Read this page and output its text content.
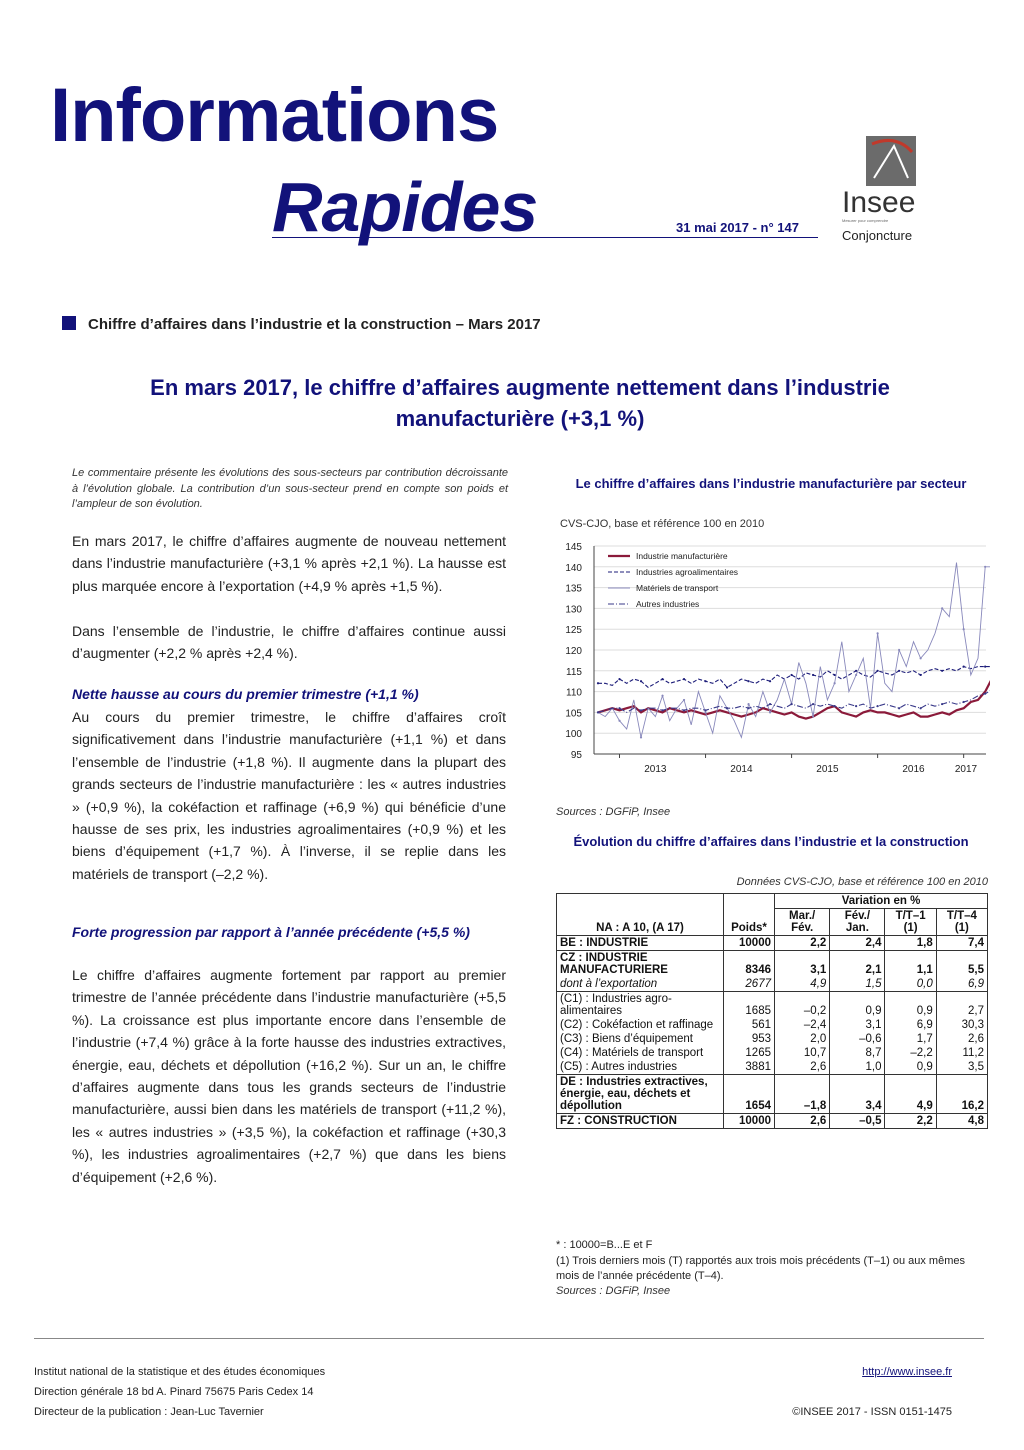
Informations
Rapides	31 mai 2017 - n° 147
Insee
Mesurer pour comprendre
Conjoncture
Chiffre d’affaires dans l’industrie et la construction – Mars 2017
En mars 2017, le chiffre d’affaires augmente nettement dans l’industrie manufacturière (+3,1 %)
Le commentaire présente les évolutions des sous-secteurs par contribution décroissante à l’évolution globale. La contribution d’un sous-secteur prend en compte son poids et l’ampleur de son évolution.

En mars 2017, le chiffre d’affaires augmente de nouveau nettement dans l’industrie manufacturière (+3,1 % après +2,1 %). La hausse est plus marquée encore à l’exportation (+4,9 % après +1,5 %).

Dans l’ensemble de l’industrie, le chiffre d’affaires continue aussi d’augmenter (+2,2 % après +2,4 %).

Nette hausse au cours du premier trimestre (+1,1 %)

Au cours du premier trimestre, le chiffre d’affaires croît significativement dans l’industrie manufacturière (+1,1 %) et dans l’ensemble de l’industrie (+1,8 %). Il augmente dans la plupart des grands secteurs de l’industrie manufacturière : les « autres industries » (+0,9 %), la cokéfaction et raffinage (+6,9 %) qui bénéficie d’une hausse de ses prix, les industries agroalimentaires (+0,9 %) et les biens d’équipement (+1,7 %). À l’inverse, il se replie dans les matériels de transport (–2,2 %).

Forte progression par rapport à l’année précédente (+5,5 %)

Le chiffre d’affaires augmente fortement par rapport au premier trimestre de l’année précédente dans l’industrie manufacturière (+5,5 %). La croissance est plus importante encore dans l’ensemble de l’industrie (+7,4 %) grâce à la forte hausse des industries extractives, énergie, eau, déchets et dépollution (+16,2 %). Sur un an, le chiffre d’affaires augmente dans tous les grands secteurs de l’industrie manufacturière, aussi bien dans les matériels de transport (+11,2 %), les « autres industries » (+3,5 %), la cokéfaction et raffinage (+30,3 %), les industries agroalimentaires (+2,7 %) que dans les biens d’équipement (+2,6 %).

Le chiffre d’affaires dans l’industrie manufacturière par secteur
CVS-CJO, base et référence 100 en 2010
145
140
135
130
125
120
115
110
105
100
95
2013	2014	2015	2016	2017
Industrie manufacturière
Industries agroalimentaires
Matériels de transport
Autres industries
Sources : DGFiP, Insee
Évolution du chiffre d’affaires dans l’industrie et la construction
Données CVS-CJO, base et référence 100 en 2010
NA : A 10, (A 17)	Poids*	Variation en %			
		Mar./ Fév.	Fév./ Jan.	T/T–1 (1)	T/T–4 (1)
BE : INDUSTRIE	10000	2,2	2,4	1,8	7,4
CZ : INDUSTRIE MANUFACTURIERE	8346	3,1	2,1	1,1	5,5
dont à l’exportation	2677	4,9	1,5	0,0	6,9
(C1) : Industries agro-alimentaires	1685	–0,2	0,9	0,9	2,7
(C2) : Cokéfaction et raffinage	561	–2,4	3,1	6,9	30,3
(C3) : Biens d’équipement	953	2,0	–0,6	1,7	2,6
(C4) : Matériels de transport	1265	10,7	8,7	–2,2	11,2
(C5) : Autres industries	3881	2,6	1,0	0,9	3,5
DE : Industries extractives, énergie, eau, déchets et dépollution	1654	–1,8	3,4	4,9	16,2
FZ : CONSTRUCTION	10000	2,6	–0,5	2,2	4,8
* : 10000=B...E et F
(1) Trois derniers mois (T) rapportés aux trois mois précédents (T–1) ou aux mêmes mois de l’année précédente (T–4).
Sources : DGFiP, Insee
Institut national de la statistique et des études économiques
Direction générale 18 bd A. Pinard 75675 Paris Cedex 14
Directeur de la publication : Jean-Luc Tavernier
http://www.insee.fr
©INSEE 2017 - ISSN 0151-1475
